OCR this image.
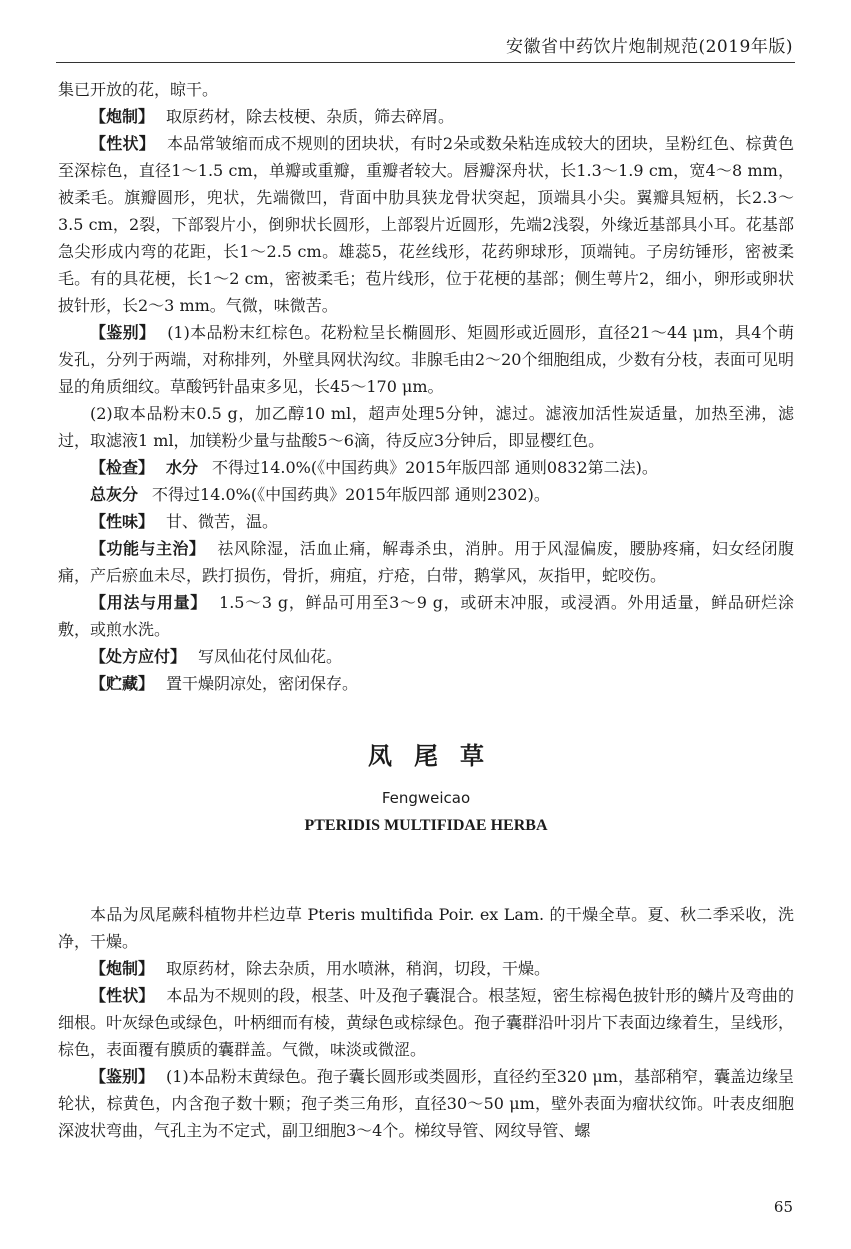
安徽省中药饮片炮制规范(2019年版)

集已开放的花，晾干。

【炮制】 取原药材，除去枝梗、杂质，筛去碎屑。

【性状】 本品常皱缩而成不规则的团块状，有时2朵或数朵粘连成较大的团块，呈粉红色、棕黄色至深棕色，直径1～1.5 cm，单瓣或重瓣，重瓣者较大。唇瓣深舟状，长1.3～1.9 cm，宽4～8 mm，被柔毛。旗瓣圆形，兜状，先端微凹，背面中肋具狭龙骨状突起，顶端具小尖。翼瓣具短柄，长2.3～3.5 cm，2裂，下部裂片小，倒卵状长圆形，上部裂片近圆形，先端2浅裂，外缘近基部具小耳。花基部急尖形成内弯的花距，长1～2.5 cm。雄蕊5，花丝线形，花药卵球形，顶端钝。子房纺锤形，密被柔毛。有的具花梗，长1～2 cm，密被柔毛；苞片线形，位于花梗的基部；侧生萼片2，细小，卵形或卵状披针形，长2～3 mm。气微，味微苦。

【鉴别】 (1)本品粉末红棕色。花粉粒呈长椭圆形、矩圆形或近圆形，直径21～44 μm，具4个萌发孔，分列于两端，对称排列，外壁具网状沟纹。非腺毛由2～20个细胞组成，少数有分枝，表面可见明显的角质细纹。草酸钙针晶束多见，长45～170 μm。

(2)取本品粉末0.5 g，加乙醇10 ml，超声处理5分钟，滤过。滤液加活性炭适量，加热至沸，滤过，取滤液1 ml，加镁粉少量与盐酸5～6滴，待反应3分钟后，即显樱红色。

【检查】 水分 不得过14.0%(《中国药典》2015年版四部 通则0832第二法)。

总灰分 不得过14.0%(《中国药典》2015年版四部 通则2302)。

【性味】 甘、微苦，温。

【功能与主治】 祛风除湿，活血止痛，解毒杀虫，消肿。用于风湿偏废，腰胁疼痛，妇女经闭腹痛，产后瘀血未尽，跌打损伤，骨折，痈疽，疔疮，白带，鹅掌风，灰指甲，蛇咬伤。

【用法与用量】 1.5～3 g，鲜品可用至3～9 g，或研末冲服，或浸酒。外用适量，鲜品研烂涂敷，或煎水洗。

【处方应付】 写凤仙花付凤仙花。

【贮藏】 置干燥阴凉处，密闭保存。

凤尾草
Fengweicao
PTERIDIS MULTIFIDAE HERBA

本品为凤尾蕨科植物井栏边草 Pteris multifida Poir. ex Lam. 的干燥全草。夏、秋二季采收，洗净，干燥。

【炮制】 取原药材，除去杂质，用水喷淋，稍润，切段，干燥。

【性状】 本品为不规则的段，根茎、叶及孢子囊混合。根茎短，密生棕褐色披针形的鳞片及弯曲的细根。叶灰绿色或绿色，叶柄细而有棱，黄绿色或棕绿色。孢子囊群沿叶羽片下表面边缘着生，呈线形，棕色，表面覆有膜质的囊群盖。气微，味淡或微涩。

【鉴别】 (1)本品粉末黄绿色。孢子囊长圆形或类圆形，直径约至320 μm，基部稍窄，囊盖边缘呈轮状，棕黄色，内含孢子数十颗；孢子类三角形，直径30～50 μm，壁外表面为瘤状纹饰。叶表皮细胞深波状弯曲，气孔主为不定式，副卫细胞3～4个。梯纹导管、网纹导管、螺

65
